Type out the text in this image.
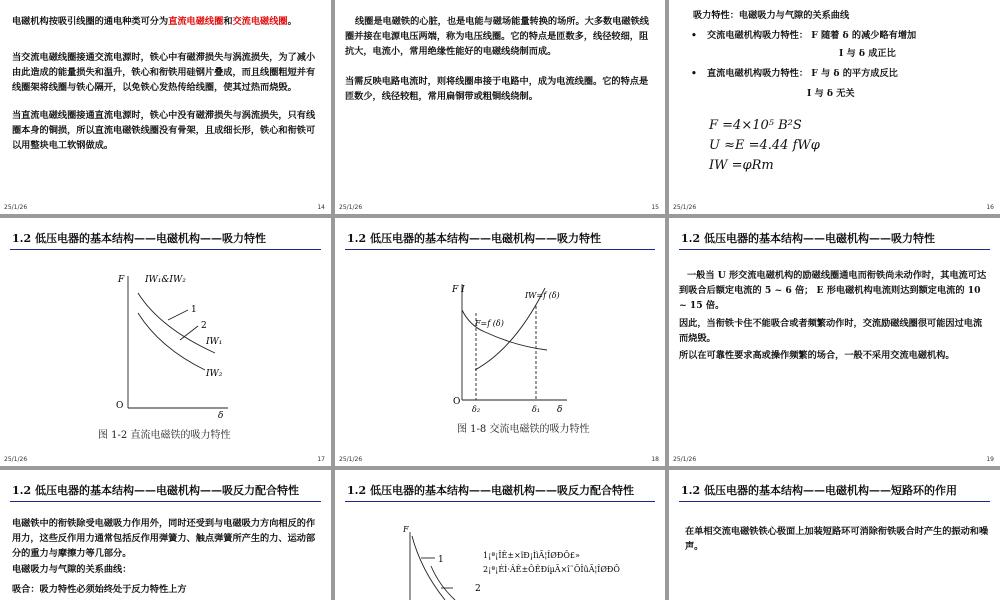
电磁机构按吸引线圈的通电种类可分为直流电磁线圈和交流电磁线圈。
当交流电磁线圈接通交流电源时，铁心中有磁滞损失与涡流损失，为了减小由此造成的能量损失和温升，铁心和衔铁用硅钢片叠成，而且线圈粗短并有线圈架将线圈与铁心隔开，以免铁心发热传给线圈，使其过热而烧毁。
当直流电磁线圈接通直流电源时，铁心中没有磁滞损失与涡流损失，只有线圈本身的铜损，所以直流电磁铁线圈没有骨架，且成细长形，铁心和衔铁可以用整块电工软钢做成。
25/1/26	14
线圈是电磁铁的心脏，也是电能与磁场能量转换的场所。大多数电磁铁线圈并接在电源电压两端，称为电压线圈。它的特点是匝数多，线径较细，阻抗大，电流小，常用绝缘性能好的电磁线绕制而成。
当需反映电路电流时，则将线圈串接于电路中，成为电流线圈。它的特点是匝数少，线径较粗，常用扁铜带或粗铜线绕制。
25/1/26	15
吸力特性：电磁吸力与气隙的关系曲线
• 交流电磁机构吸力特性： F 随着 δ 的减少略有增加
I 与 δ 成正比
• 直流电磁机构吸力特性： F 与 δ 的平方成反比
I 与 δ 无关
F =4×10⁵ B²S
U ≈E =4.44 fWφ
IW =φRm
25/1/26	16
1.2 低压电器的基本结构——电磁机构——吸力特性
F IW₁&IW₂
1
2
IW₁
IW₂
O
δ
图 1-2 直流电磁铁的吸力特性
25/1/26	17
1.2 低压电器的基本结构——电磁机构——吸力特性
F I
IW=f (δ)
F=f (δ)
O
δ₂	δ₁ δ
图 1-8 交流电磁铁的吸力特性
25/1/26	18
1.2 低压电器的基本结构——电磁机构——吸力特性
一般当 U 形交流电磁机构的励磁线圈通电而衔铁尚未动作时，其电流可达到吸合后额定电流的 5 ~ 6 倍； E 形电磁机构电流则达到额定电流的 10 ~ 15 倍。
因此，当衔铁卡住不能吸合或者频繁动作时，交流励磁线圈很可能因过电流而烧毁。
所以在可靠性要求高或操作频繁的场合，一般不采用交流电磁机构。
25/1/26	19
1.2 低压电器的基本结构——电磁机构——吸反力配合特性
电磁铁中的衔铁除受电磁吸力作用外，同时还受到与电磁吸力方向相反的作用力，这些反作用力通常包括反作用弹簧力、触点弹簧所产生的力、运动部分的重力与摩擦力等几部分。
电磁吸力与气隙的关系曲线：
吸合：吸力特性必须始终处于反力特性上方
1.2 低压电器的基本结构——电磁机构——吸反力配合特性
F
1
2
1¡ª¡ÎÊ±×ïÐ¡ÌìÃ¦ÎØÐÔ£»
2¡ª¡ÉÌ·ÂÊ±ÔÊÐíµÃ×î¨ÕÎûÃ¦ÎØÐÔ
1.2 低压电器的基本结构——电磁机构——短路环的作用
在单相交流电磁铁铁心极面上加装短路环可消除衔铁吸合时产生的振动和噪声。
